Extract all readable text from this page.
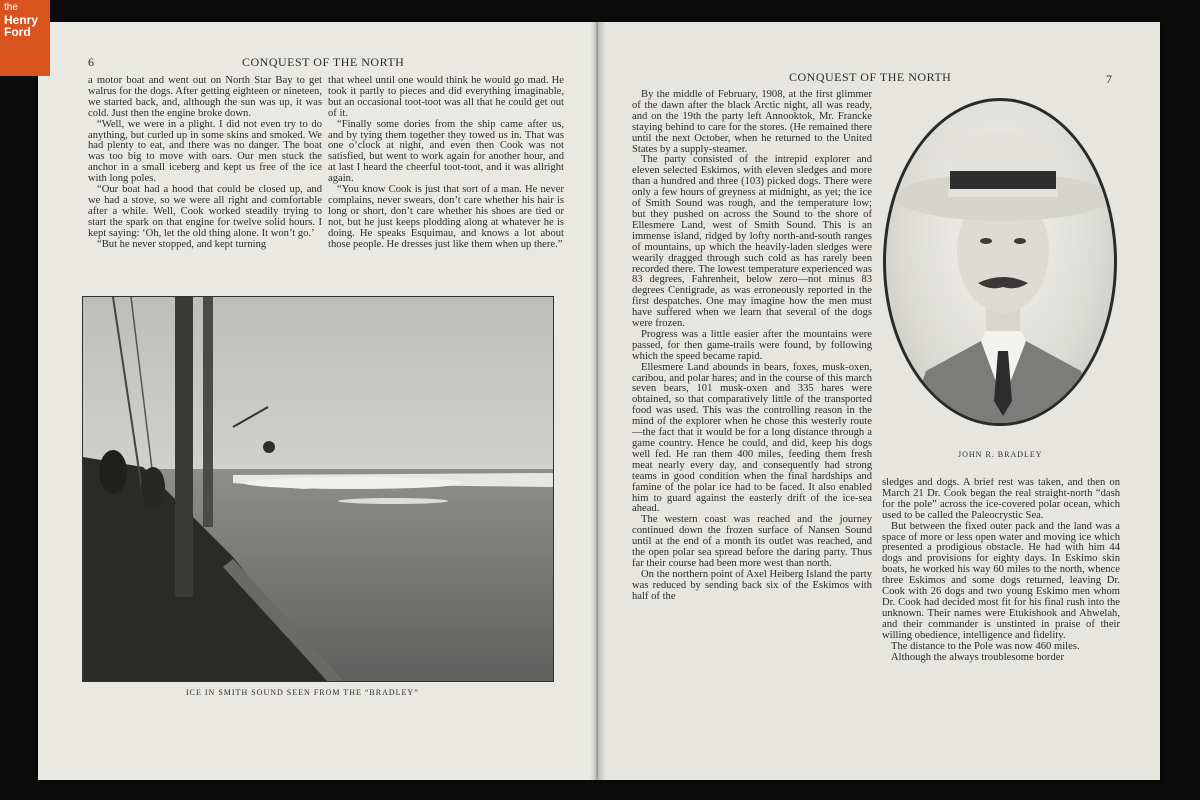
the
Henry
Ford
6	CONQUEST OF THE NORTH

a motor boat and went out on North Star Bay to get walrus for the dogs. After getting eighteen or nineteen, we started back, and, although the sun was up, it was cold. Just then the engine broke down.

“Well, we were in a plight. I did not even try to do anything, but curled up in some skins and smoked. We had plenty to eat, and there was no danger. The boat was too big to move with oars. Our men stuck the anchor in a small iceberg and kept us free of the ice with long poles.

“Our boat had a hood that could be closed up, and we had a stove, so we were all right and comfortable after a while. Well, Cook worked steadily trying to start the spark on that engine for twelve solid hours. I kept saying: ‘Oh, let the old thing alone. It won’t go.’

“But he never stopped, and kept turning

that wheel until one would think he would go mad. He took it partly to pieces and did everything imaginable, but an occasional toot-toot was all that he could get out of it.

“Finally some dories from the ship came after us, and by tying them together they towed us in. That was one o’clock at night, and even then Cook was not satisfied, but went to work again for another hour, and at last I heard the cheerful toot-toot, and it was allright again.

“You know Cook is just that sort of a man. He never complains, never swears, don’t care whether his hair is long or short, don’t care whether his shoes are tied or not, but he just keeps plodding along at whatever he is doing. He speaks Esquimau, and knows a lot about those people. He dresses just like them when up there.”

ICE IN SMITH SOUND SEEN FROM THE “BRADLEY”
CONQUEST OF THE NORTH	7

By the middle of February, 1908, at the first glimmer of the dawn after the black Arctic night, all was ready, and on the 19th the party left Annooktok, Mr. Francke staying behind to care for the stores. (He remained there until the next October, when he returned to the United States by a supply-steamer.

The party consisted of the intrepid explorer and eleven selected Eskimos, with eleven sledges and more than a hundred and three (103) picked dogs. There were only a few hours of greyness at midnight, as yet; the ice of Smith Sound was rough, and the temperature low; but they pushed on across the Sound to the shore of Ellesmere Land, west of Smith Sound. This is an immense island, ridged by lofty north-and-south ranges of mountains, up which the heavily-laden sledges were wearily dragged through such cold as has rarely been recorded there. The lowest temperature experienced was 83 degrees, Fahrenheit, below zero—not minus 83 degrees Centigrade, as was erroneously reported in the first despatches. One may imagine how the men must have suffered when we learn that several of the dogs were frozen.

Progress was a little easier after the mountains were passed, for then game-trails were found, by following which the speed became rapid.

Ellesmere Land abounds in bears, foxes, musk-oxen, caribou, and polar hares; and in the course of this march seven bears, 101 musk-oxen and 335 hares were obtained, so that comparatively little of the transported food was used. This was the controlling reason in the mind of the explorer when he chose this westerly route—the fact that it would be for a long distance through a game country. Hence he could, and did, keep his dogs well fed. He ran them 400 miles, feeding them fresh meat nearly every day, and consequently had strong teams in good condition when the final hardships and famine of the polar ice had to be faced. It also enabled him to guard against the easterly drift of the ice-sea ahead.

The western coast was reached and the journey continued down the frozen surface of Nansen Sound until at the end of a month its outlet was reached, and the open polar sea spread before the daring party. Thus far their course had been more west than north.

On the northern point of Axel Heiberg Island the party was reduced by sending back six of the Eskimos with half of the

JOHN R. BRADLEY

sledges and dogs. A brief rest was taken, and then on March 21 Dr. Cook began the real straight-north “dash for the pole” across the ice-covered polar ocean, which used to be called the Paleocrystic Sea.

But between the fixed outer pack and the land was a space of more or less open water and moving ice which presented a prodigious obstacle. He had with him 44 dogs and provisions for eighty days. In Eskimo skin boats, he worked his way 60 miles to the north, whence three Eskimos and some dogs returned, leaving Dr. Cook with 26 dogs and two young Eskimo men whom Dr. Cook had decided most fit for his final rush into the unknown. Their names were Etukishook and Ahwelah, and their commander is unstinted in praise of their willing obedience, intelligence and fidelity.

The distance to the Pole was now 460 miles.

Although the always troublesome border
